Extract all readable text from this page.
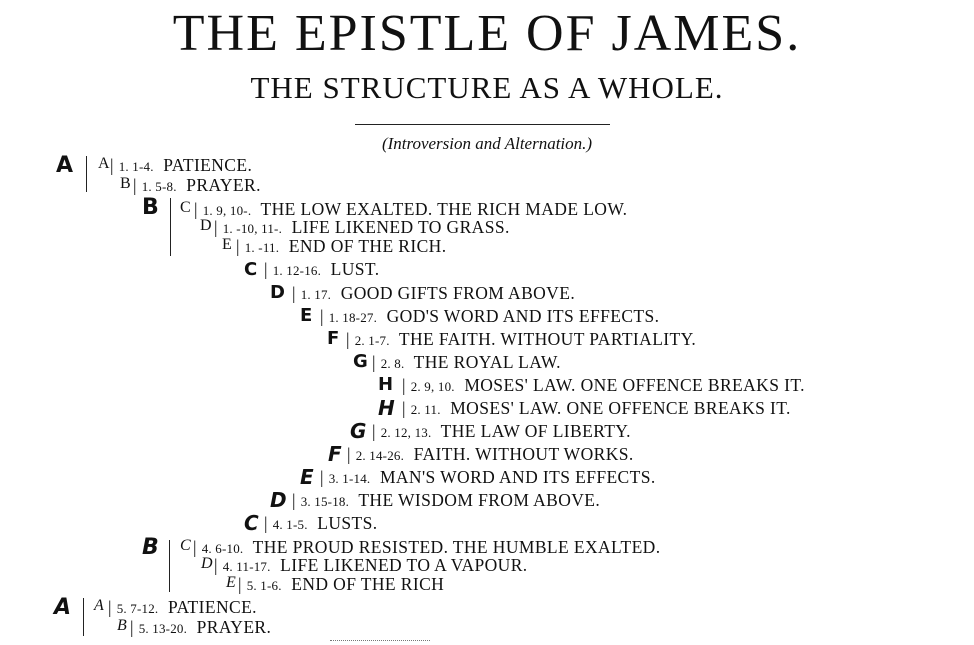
THE EPISTLE OF JAMES.
THE STRUCTURE AS A WHOLE.
(Introversion and Alternation.)
A
B
C
D
E
F
G
H
H
G
F
E
D
C
B
A
A
B
C
D
E
C
D
E
A
B
| 1. 1-4. PATIENCE.
| 1. 5-8. PRAYER.
| 1. 9, 10-. THE LOW EXALTED. THE RICH MADE LOW.
| 1. -10, 11-. LIFE LIKENED TO GRASS.
| 1. -11. END OF THE RICH.
| 1. 12-16. LUST.
| 1. 17. GOOD GIFTS FROM ABOVE.
| 1. 18-27. GOD'S WORD AND ITS EFFECTS.
| 2. 1-7. THE FAITH. WITHOUT PARTIALITY.
| 2. 8. THE ROYAL LAW.
| 2. 9, 10. MOSES' LAW. ONE OFFENCE BREAKS IT.
| 2. 11. MOSES' LAW. ONE OFFENCE BREAKS IT.
| 2. 12, 13. THE LAW OF LIBERTY.
| 2. 14-26. FAITH. WITHOUT WORKS.
| 3. 1-14. MAN'S WORD AND ITS EFFECTS.
| 3. 15-18. THE WISDOM FROM ABOVE.
| 4. 1-5. LUSTS.
| 4. 6-10. THE PROUD RESISTED. THE HUMBLE EXALTED.
| 4. 11-17. LIFE LIKENED TO A VAPOUR.
| 5. 1-6. END OF THE RICH
| 5. 7-12. PATIENCE.
| 5. 13-20. PRAYER.
